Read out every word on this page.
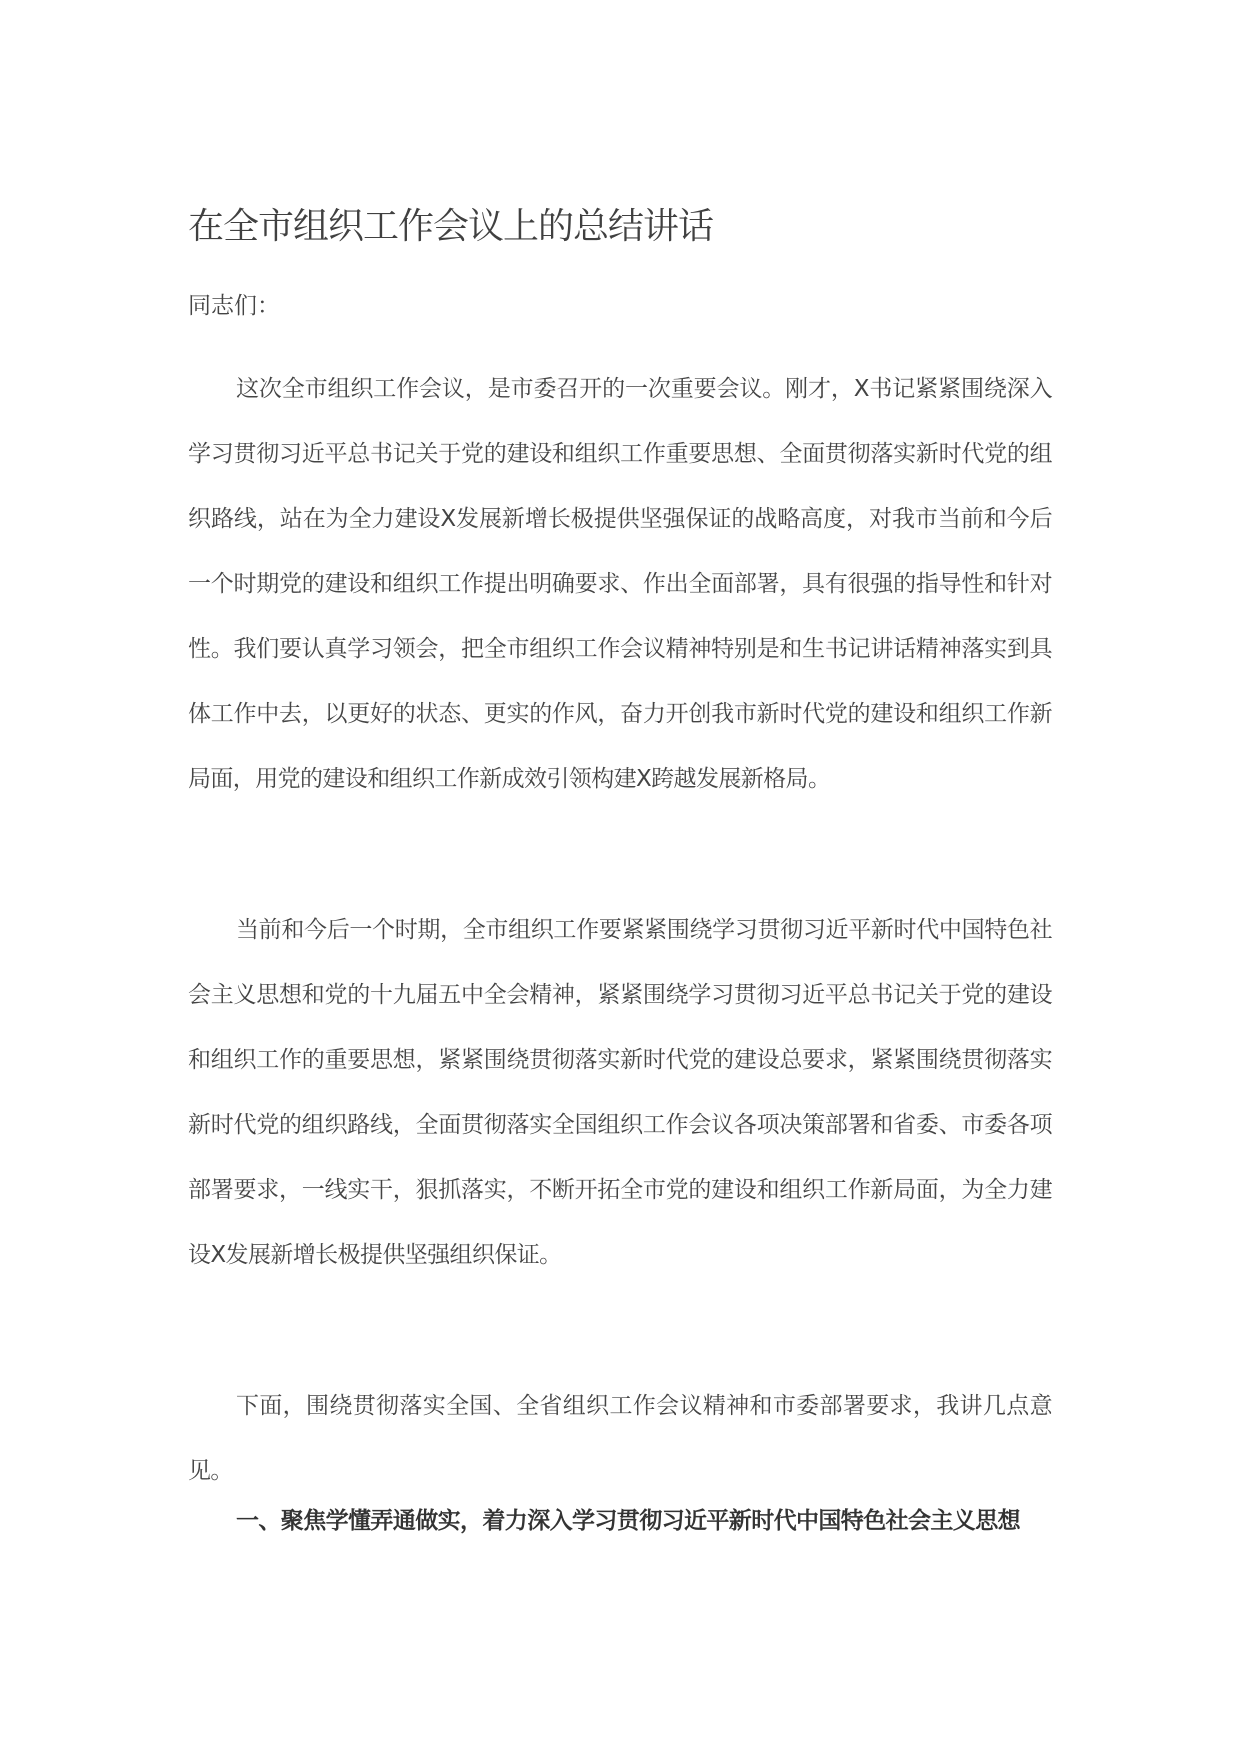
在全市组织工作会议上的总结讲话
同志们：

这次全市组织工作会议，是市委召开的一次重要会议。刚才，X书记紧紧围绕深入学习贯彻习近平总书记关于党的建设和组织工作重要思想、全面贯彻落实新时代党的组织路线，站在为全力建设X发展新增长极提供坚强保证的战略高度，对我市当前和今后一个时期党的建设和组织工作提出明确要求、作出全面部署，具有很强的指导性和针对性。我们要认真学习领会，把全市组织工作会议精神特别是和生书记讲话精神落实到具体工作中去，以更好的状态、更实的作风，奋力开创我市新时代党的建设和组织工作新局面，用党的建设和组织工作新成效引领构建X跨越发展新格局。

当前和今后一个时期，全市组织工作要紧紧围绕学习贯彻习近平新时代中国特色社会主义思想和党的十九届五中全会精神，紧紧围绕学习贯彻习近平总书记关于党的建设和组织工作的重要思想，紧紧围绕贯彻落实新时代党的建设总要求，紧紧围绕贯彻落实新时代党的组织路线，全面贯彻落实全国组织工作会议各项决策部署和省委、市委各项部署要求，一线实干，狠抓落实，不断开拓全市党的建设和组织工作新局面，为全力建设X发展新增长极提供坚强组织保证。

下面，围绕贯彻落实全国、全省组织工作会议精神和市委部署要求，我讲几点意见。

一、聚焦学懂弄通做实，着力深入学习贯彻习近平新时代中国特色社会主义思想
